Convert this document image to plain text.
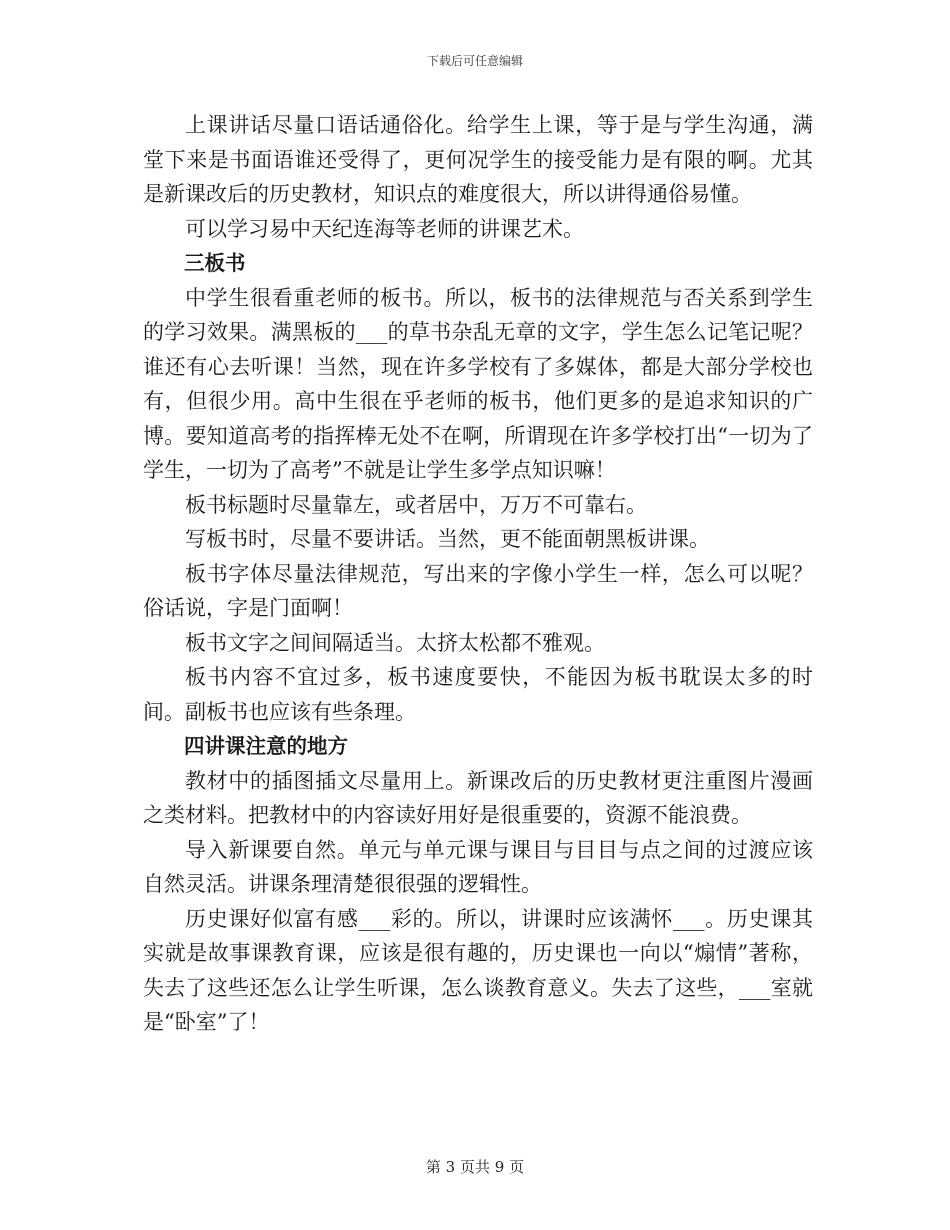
下载后可任意编辑

上课讲话尽量口语话通俗化。给学生上课，等于是与学生沟通，满堂下来是书面语谁还受得了，更何况学生的接受能力是有限的啊。尤其是新课改后的历史教材，知识点的难度很大，所以讲得通俗易懂。

可以学习易中天纪连海等老师的讲课艺术。

三板书

中学生很看重老师的板书。所以，板书的法律规范与否关系到学生的学习效果。满黑板的___的草书杂乱无章的文字，学生怎么记笔记呢？谁还有心去听课！当然，现在许多学校有了多媒体，都是大部分学校也有，但很少用。高中生很在乎老师的板书，他们更多的是追求知识的广博。要知道高考的指挥棒无处不在啊，所谓现在许多学校打出“一切为了学生，一切为了高考”不就是让学生多学点知识嘛！

板书标题时尽量靠左，或者居中，万万不可靠右。

写板书时，尽量不要讲话。当然，更不能面朝黑板讲课。

板书字体尽量法律规范，写出来的字像小学生一样，怎么可以呢？俗话说，字是门面啊！

板书文字之间间隔适当。太挤太松都不雅观。

板书内容不宜过多，板书速度要快，不能因为板书耽误太多的时间。副板书也应该有些条理。

四讲课注意的地方

教材中的插图插文尽量用上。新课改后的历史教材更注重图片漫画之类材料。把教材中的内容读好用好是很重要的，资源不能浪费。

导入新课要自然。单元与单元课与课目与目目与点之间的过渡应该自然灵活。讲课条理清楚很很强的逻辑性。

历史课好似富有感___彩的。所以，讲课时应该满怀___。历史课其实就是故事课教育课，应该是很有趣的，历史课也一向以“煽情”著称，失去了这些还怎么让学生听课，怎么谈教育意义。失去了这些，___室就是“卧室”了！

第 3 页共 9 页
